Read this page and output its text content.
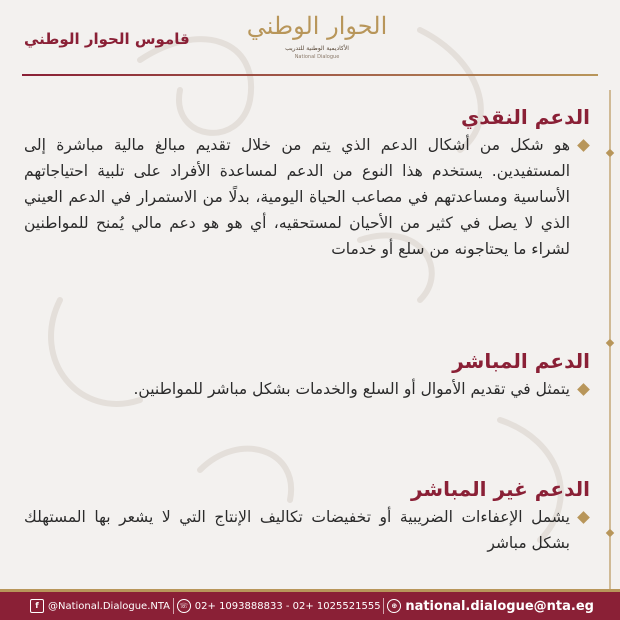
قاموس الحوار الوطني	الحوار الوطني
الأكاديمية الوطنية للتدريب
National Dialogue
الدعم النقدي

هو شكل من أشكال الدعم الذي يتم من خلال تقديم مبالغ مالية مباشرة إلى المستفيدين. يستخدم هذا النوع من الدعم لمساعدة الأفراد على تلبية احتياجاتهم الأساسية ومساعدتهم في مصاعب الحياة اليومية، بدلًا من الاستمرار في الدعم العيني الذي لا يصل في كثير من الأحيان لمستحقيه، أي هو هو دعم مالي يُمنح للمواطنين لشراء ما يحتاجونه من سلع أو خدمات

الدعم المباشر

يتمثل في تقديم الأموال أو السلع والخدمات بشكل مباشر للمواطنين.

الدعم غير المباشر

يشمل الإعفاءات الضريبية أو تخفيضات تكاليف الإنتاج التي لا يشعر بها المستهلك بشكل مباشر

f @National.Dialogue.NTA	☏ 02+ 1093888833 - 02+ 1025521555	⊕ national.dialogue@nta.eg
